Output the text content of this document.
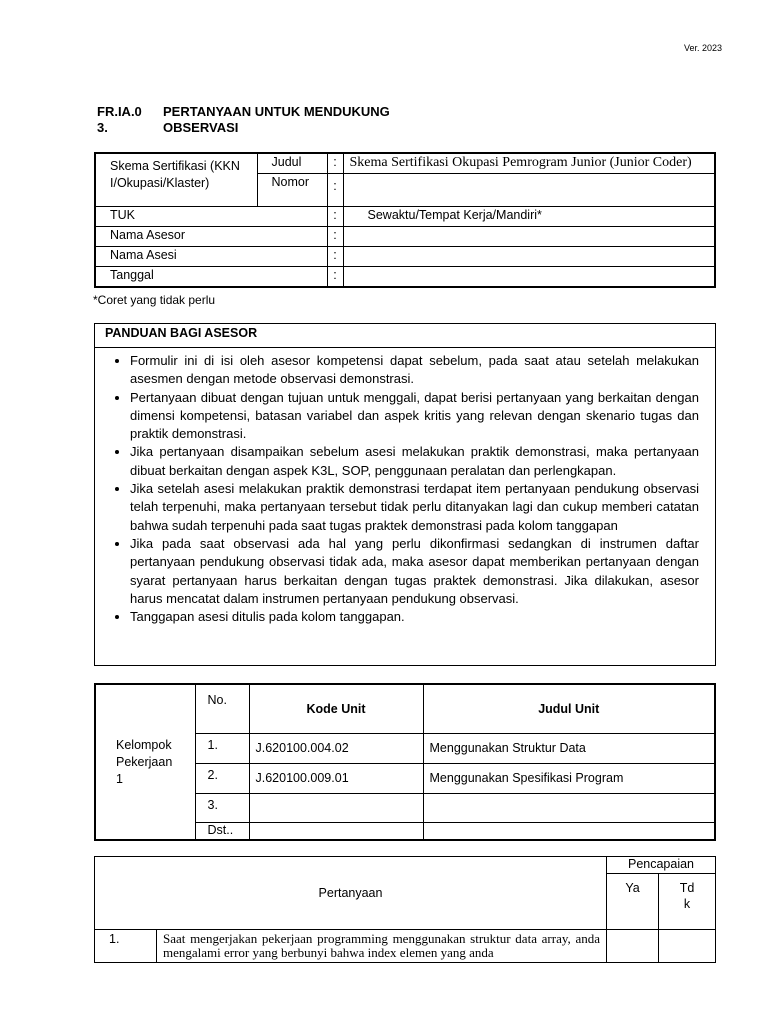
Ver. 2023
FR.IA.0
3.
PERTANYAAN UNTUK MENDUKUNG
OBSERVASI
Skema Sertifikasi (KKNI/Okupasi/Klaster)	Judul	:	Skema Sertifikasi Okupasi Pemrogram Junior (Junior Coder)
	Nomor	:	
TUK		:	Sewaktu/Tempat Kerja/Mandiri*
Nama Asesor		:	
Nama Asesi		:	
Tanggal		:	
*Coret yang tidak perlu
PANDUAN BAGI ASESOR
• Formulir ini di isi oleh asesor kompetensi dapat sebelum, pada saat atau setelah melakukan asesmen dengan metode observasi demonstrasi.
• Pertanyaan dibuat dengan tujuan untuk menggali, dapat berisi pertanyaan yang berkaitan dengan dimensi kompetensi, batasan variabel dan aspek kritis yang relevan dengan skenario tugas dan praktik demonstrasi.
• Jika pertanyaan disampaikan sebelum asesi melakukan praktik demonstrasi, maka pertanyaan dibuat berkaitan dengan aspek K3L, SOP, penggunaan peralatan dan perlengkapan.
• Jika setelah asesi melakukan praktik demonstrasi terdapat item pertanyaan pendukung observasi telah terpenuhi, maka pertanyaan tersebut tidak perlu ditanyakan lagi dan cukup memberi catatan bahwa sudah terpenuhi pada saat tugas praktek demonstrasi pada kolom tanggapan
• Jika pada saat observasi ada hal yang perlu dikonfirmasi sedangkan di instrumen daftar pertanyaan pendukung observasi tidak ada, maka asesor dapat memberikan pertanyaan dengan syarat pertanyaan harus berkaitan dengan tugas praktek demonstrasi. Jika dilakukan, asesor harus mencatat dalam instrumen pertanyaan pendukung observasi.
• Tanggapan asesi ditulis pada kolom tanggapan.
Kelompok Pekerjaan 1	No.	Kode Unit	Judul Unit
	1.	J.620100.004.02	Menggunakan Struktur Data
	2.	J.620100.009.01	Menggunakan Spesifikasi Program
	3.		
	Dst..		
Pertanyaan		Pencapaian	
		Ya	Tdk
1.	Saat mengerjakan pekerjaan programming menggunakan struktur data array, anda mengalami error yang berbunyi bahwa index elemen yang anda		
